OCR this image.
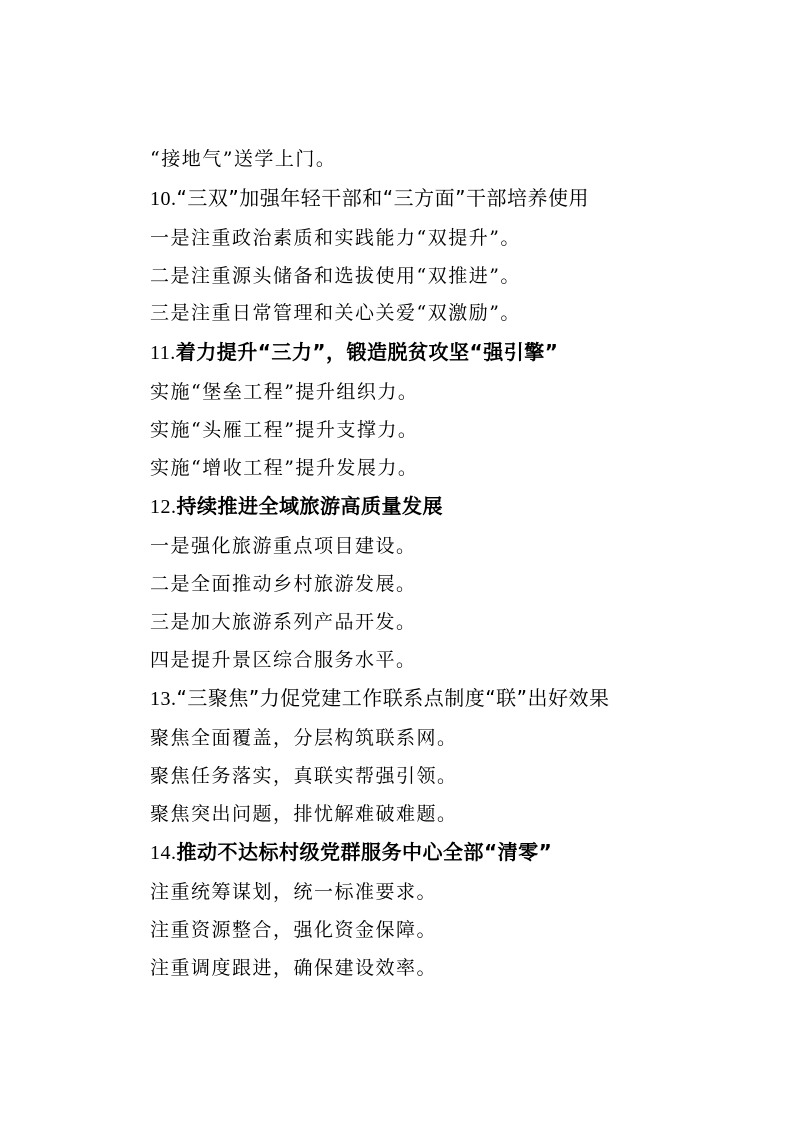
“接地气”送学上门。
10.“三双”加强年轻干部和“三方面”干部培养使用
一是注重政治素质和实践能力“双提升”。
二是注重源头储备和选拔使用“双推进”。
三是注重日常管理和关心关爱“双激励”。
11.着力提升“三力”，锻造脱贫攻坚“强引擎”
实施“堡垒工程”提升组织力。
实施“头雁工程”提升支撑力。
实施“增收工程”提升发展力。
12.持续推进全域旅游高质量发展
一是强化旅游重点项目建设。
二是全面推动乡村旅游发展。
三是加大旅游系列产品开发。
四是提升景区综合服务水平。
13.“三聚焦”力促党建工作联系点制度“联”出好效果
聚焦全面覆盖，分层构筑联系网。
聚焦任务落实，真联实帮强引领。
聚焦突出问题，排忧解难破难题。
14.推动不达标村级党群服务中心全部“清零”
注重统筹谋划，统一标准要求。
注重资源整合，强化资金保障。
注重调度跟进，确保建设效率。
